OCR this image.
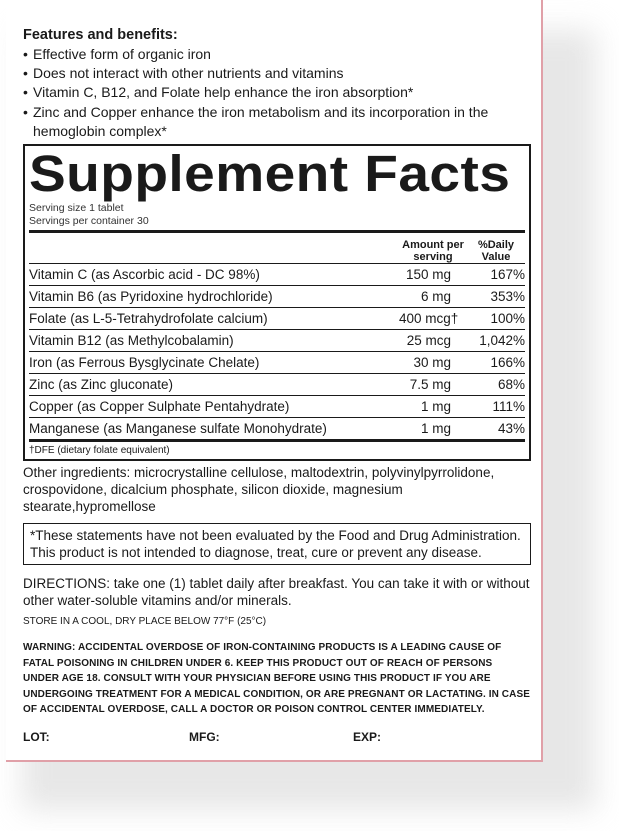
Features and benefits:
• Effective form of organic iron
• Does not interact with other nutrients and vitamins
• Vitamin C, B12, and Folate help enhance the iron absorption*
• Zinc and Copper enhance the iron metabolism and its incorporation in the hemoglobin complex*
Supplement Facts
Serving size 1 tablet
Servings per container 30
Amount per serving
%Daily Value
Vitamin C (as Ascorbic acid - DC 98%)	150 mg	167%
Vitamin B6 (as Pyridoxine hydrochloride)	6 mg	353%
Folate (as L-5-Tetrahydrofolate calcium)	400 mcg†	100%
Vitamin B12 (as Methylcobalamin)	25 mcg	1,042%
Iron (as Ferrous Bysglycinate Chelate)	30 mg	166%
Zinc (as Zinc gluconate)	7.5 mg	68%
Copper (as Copper Sulphate Pentahydrate)	1 mg	111%
Manganese (as Manganese sulfate Monohydrate)	1 mg	43%
†DFE (dietary folate equivalent)
Other ingredients: microcrystalline cellulose, maltodextrin, polyvinylpyrrolidone, crospovidone, dicalcium phosphate, silicon dioxide, magnesium stearate,hypromellose
*These statements have not been evaluated by the Food and Drug Administration. This product is not intended to diagnose, treat, cure or prevent any disease.
DIRECTIONS: take one (1) tablet daily after breakfast. You can take it with or without other water-soluble vitamins and/or minerals.
STORE IN A COOL, DRY PLACE BELOW 77°F (25°C)
WARNING: ACCIDENTAL OVERDOSE OF IRON-CONTAINING PRODUCTS IS A LEADING CAUSE OF FATAL POISONING IN CHILDREN UNDER 6. KEEP THIS PRODUCT OUT OF REACH OF PERSONS UNDER AGE 18. CONSULT WITH YOUR PHYSICIAN BEFORE USING THIS PRODUCT IF YOU ARE UNDERGOING TREATMENT FOR A MEDICAL CONDITION, OR ARE PREGNANT OR LACTATING. IN CASE OF ACCIDENTAL OVERDOSE, CALL A DOCTOR OR POISON CONTROL CENTER IMMEDIATELY.
LOT:	MFG:	EXP:
